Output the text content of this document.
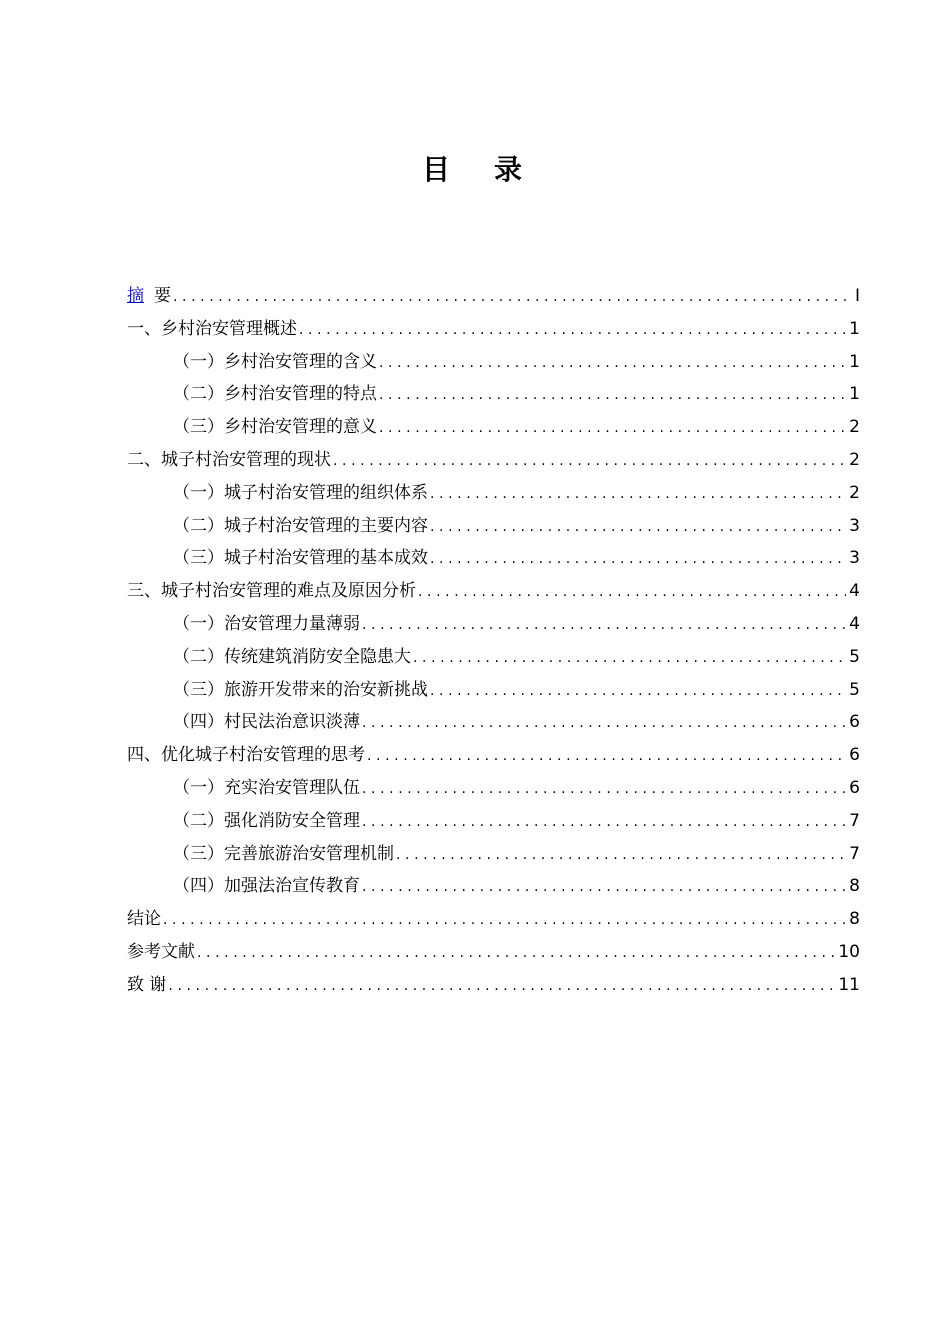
目录
摘 要 .....	I
一、乡村治安管理概述 .....	1
（一）乡村治安管理的含义 .....	1
（二）乡村治安管理的特点 .....	1
（三）乡村治安管理的意义 .....	2
二、城子村治安管理的现状 .....	2
（一）城子村治安管理的组织体系 .....	2
（二）城子村治安管理的主要内容 .....	3
（三）城子村治安管理的基本成效 .....	3
三、城子村治安管理的难点及原因分析 .....	4
（一）治安管理力量薄弱 .....	4
（二）传统建筑消防安全隐患大 .....	5
（三）旅游开发带来的治安新挑战 .....	5
（四）村民法治意识淡薄 .....	6
四、优化城子村治安管理的思考 .....	6
（一）充实治安管理队伍 .....	6
（二）强化消防安全管理 .....	7
（三）完善旅游治安管理机制 .....	7
（四）加强法治宣传教育 .....	8
结论 .....	8
参考文献 .....	10
致 谢 .....	11
